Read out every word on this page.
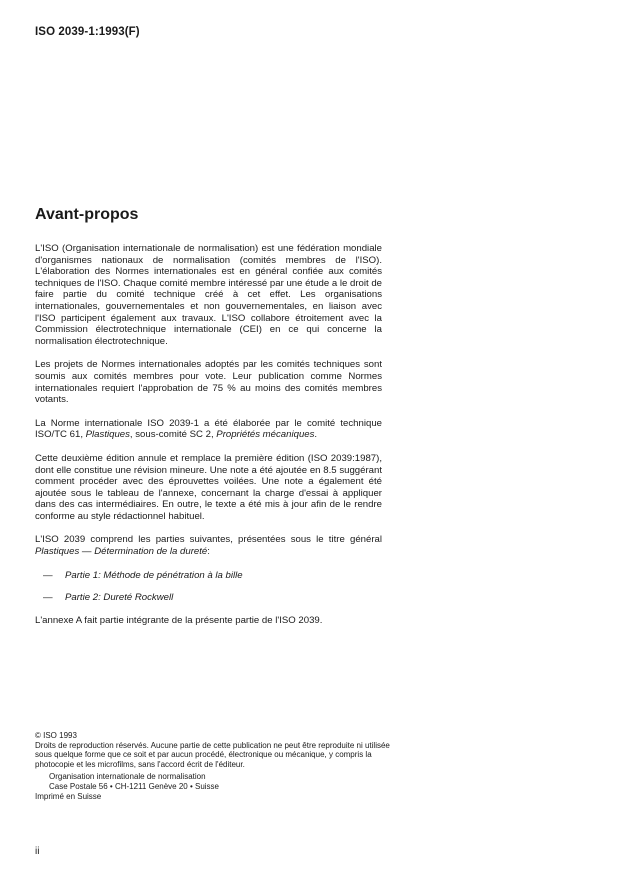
ISO 2039-1:1993(F)
Avant-propos

L'ISO (Organisation internationale de normalisation) est une fédération mondiale d'organismes nationaux de normalisation (comités membres de l'ISO). L'élaboration des Normes internationales est en général confiée aux comités techniques de l'ISO. Chaque comité membre intéressé par une étude a le droit de faire partie du comité technique créé à cet effet. Les organisations internationales, gouvernementales et non gouvernementales, en liaison avec l'ISO participent également aux travaux. L'ISO collabore étroitement avec la Commission électrotechnique internationale (CEI) en ce qui concerne la normalisation électrotechnique.

Les projets de Normes internationales adoptés par les comités techniques sont soumis aux comités membres pour vote. Leur publication comme Normes internationales requiert l'approbation de 75 % au moins des comités membres votants.

La Norme internationale ISO 2039-1 a été élaborée par le comité technique ISO/TC 61, Plastiques, sous-comité SC 2, Propriétés mécaniques.

Cette deuxième édition annule et remplace la première édition (ISO 2039:1987), dont elle constitue une révision mineure. Une note a été ajoutée en 8.5 suggérant comment procéder avec des éprouvettes voilées. Une note a également été ajoutée sous le tableau de l'annexe, concernant la charge d'essai à appliquer dans des cas intermédiaires. En outre, le texte a été mis à jour afin de le rendre conforme au style rédactionnel habituel.

L'ISO 2039 comprend les parties suivantes, présentées sous le titre général Plastiques — Détermination de la dureté:

— Partie 1: Méthode de pénétration à la bille

— Partie 2: Dureté Rockwell

L'annexe A fait partie intégrante de la présente partie de l'ISO 2039.

© ISO 1993

Droits de reproduction réservés. Aucune partie de cette publication ne peut être reproduite ni utilisée sous quelque forme que ce soit et par aucun procédé, électronique ou mécanique, y compris la photocopie et les microfilms, sans l'accord écrit de l'éditeur.

Organisation internationale de normalisation

Case Postale 56 • CH-1211 Genève 20 • Suisse

Imprimé en Suisse

ii
